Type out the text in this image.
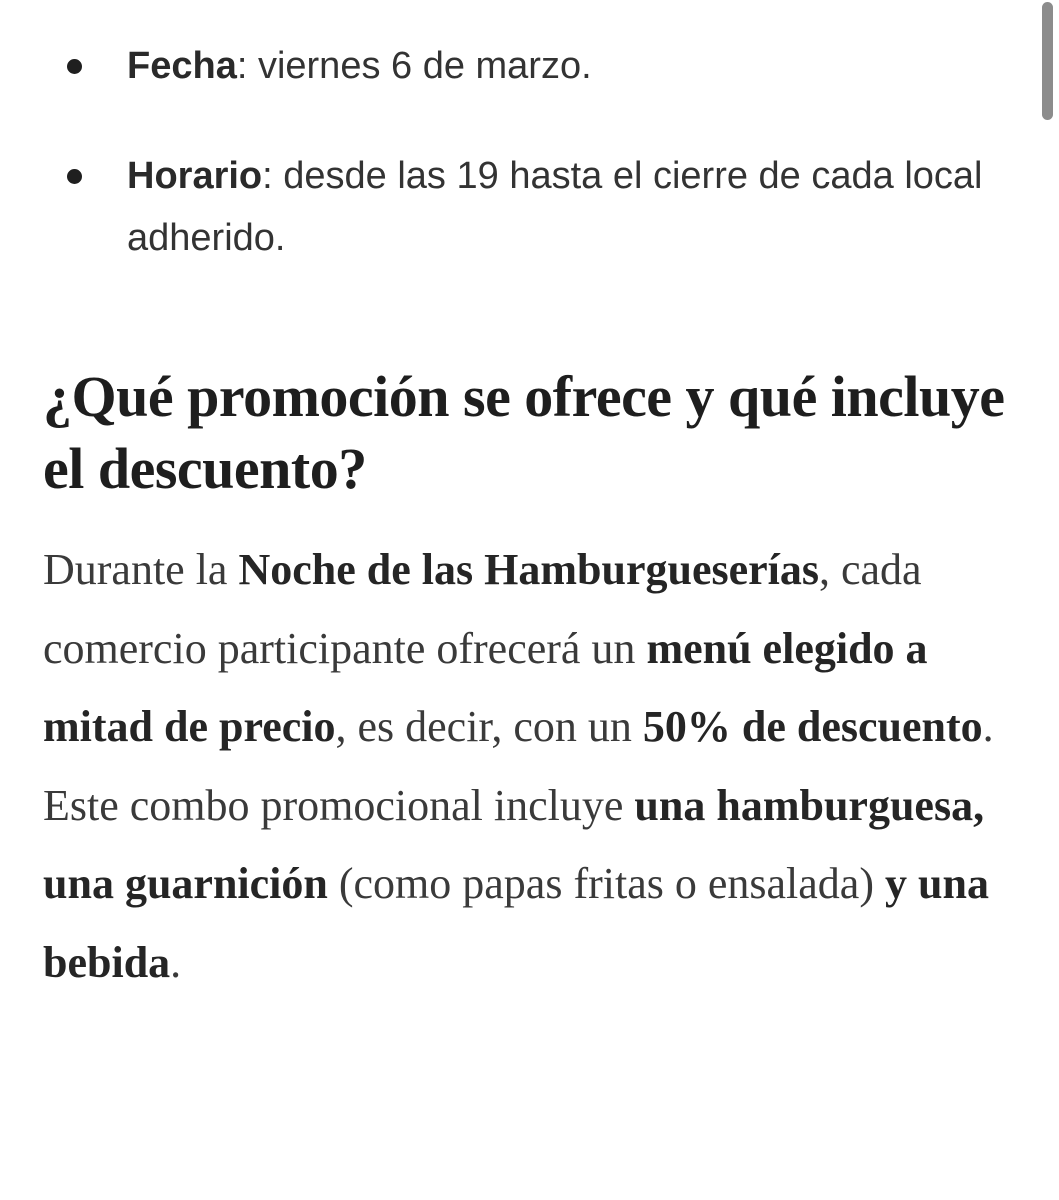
Fecha: viernes 6 de marzo.
Horario: desde las 19 hasta el cierre de cada local adherido.
¿Qué promoción se ofrece y qué incluye el descuento?

Durante la Noche de las Hamburgueserías, cada comercio participante ofrecerá un menú elegido a mitad de precio, es decir, con un 50% de descuento. Este combo promocional incluye una hamburguesa, una guarnición (como papas fritas o ensalada) y una bebida.
